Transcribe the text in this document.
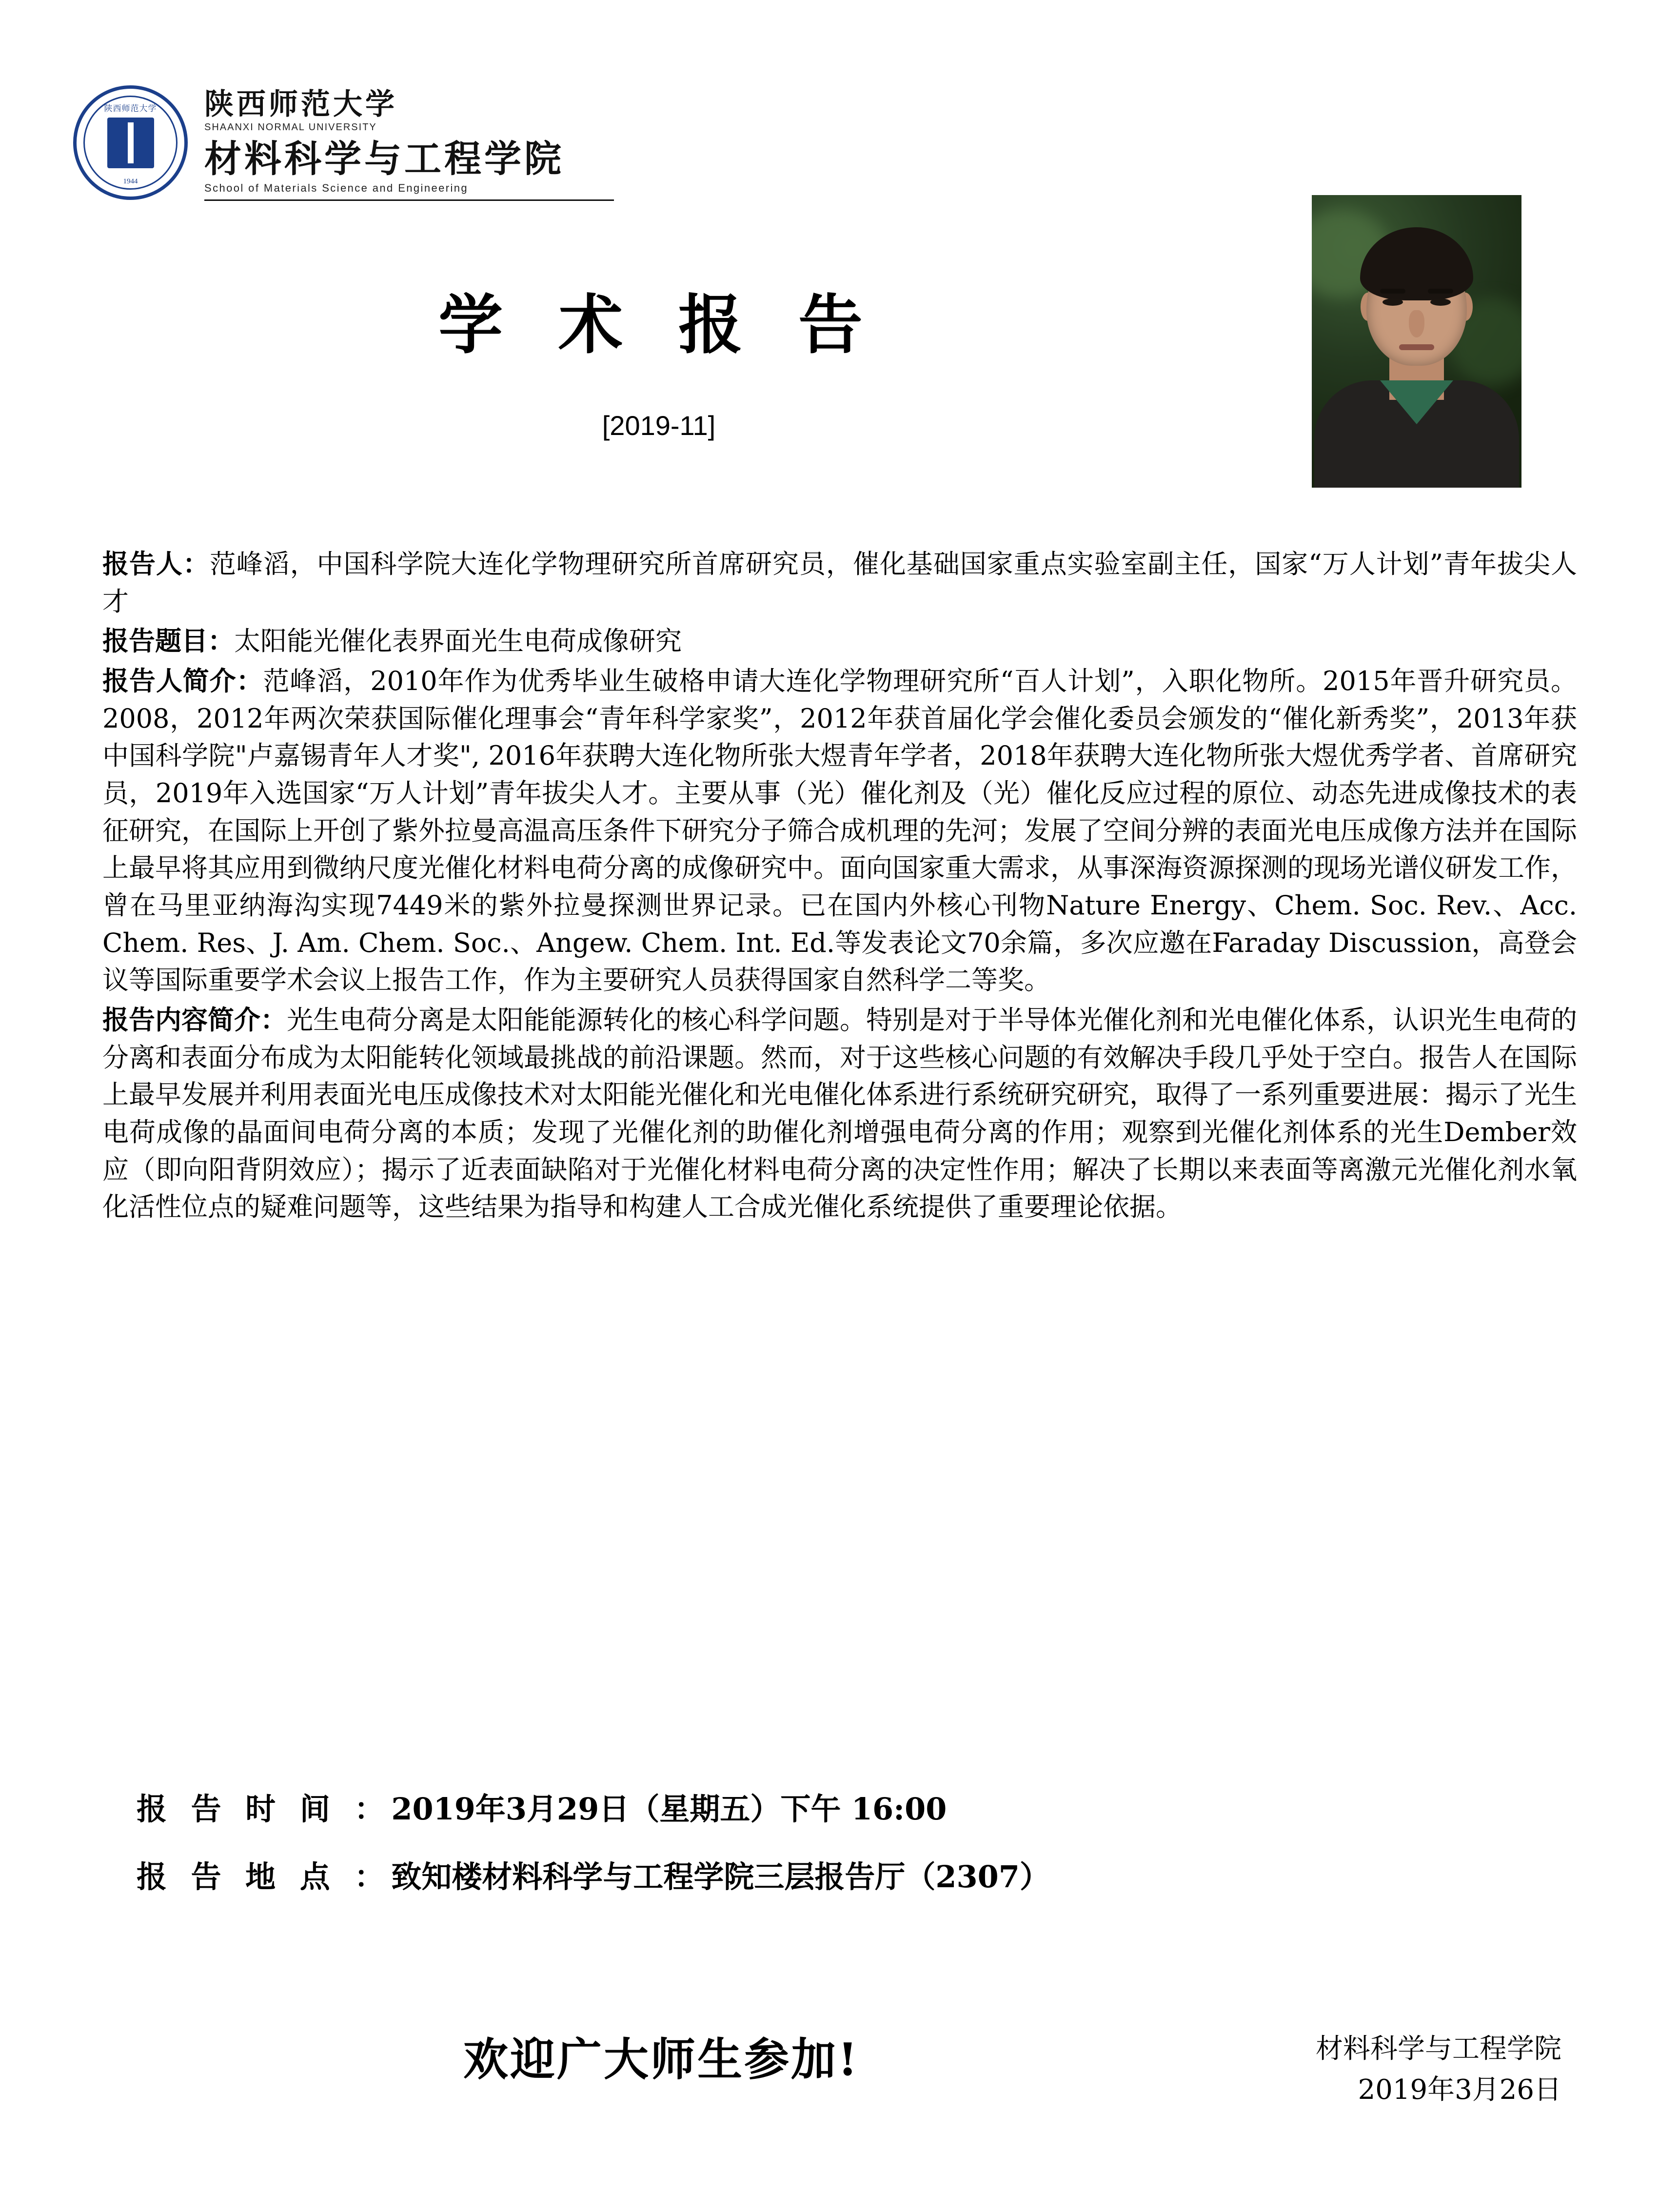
陕西师范大学
1944
陕西师范大学
SHAANXI NORMAL UNIVERSITY
材料科学与工程学院
School of Materials Science and Engineering
学 术 报 告
[2019-11]

报告人：范峰滔，中国科学院大连化学物理研究所首席研究员，催化基础国家重点实验室副主任，国家“万人计划”青年拔尖人才

报告题目：太阳能光催化表界面光生电荷成像研究

报告人简介：范峰滔，2010年作为优秀毕业生破格申请大连化学物理研究所“百人计划”，入职化物所。2015年晋升研究员。2008，2012年两次荣获国际催化理事会“青年科学家奖”，2012年获首届化学会催化委员会颁发的“催化新秀奖”，2013年获中国科学院"卢嘉锡青年人才奖", 2016年获聘大连化物所张大煜青年学者，2018年获聘大连化物所张大煜优秀学者、首席研究员，2019年入选国家“万人计划”青年拔尖人才。主要从事（光）催化剂及（光）催化反应过程的原位、动态先进成像技术的表征研究，在国际上开创了紫外拉曼高温高压条件下研究分子筛合成机理的先河；发展了空间分辨的表面光电压成像方法并在国际上最早将其应用到微纳尺度光催化材料电荷分离的成像研究中。面向国家重大需求，从事深海资源探测的现场光谱仪研发工作，曾在马里亚纳海沟实现7449米的紫外拉曼探测世界记录。已在国内外核心刊物Nature Energy、Chem. Soc. Rev.、Acc. Chem. Res、J. Am. Chem. Soc.、Angew. Chem. Int. Ed.等发表论文70余篇，多次应邀在Faraday Discussion，高登会议等国际重要学术会议上报告工作，作为主要研究人员获得国家自然科学二等奖。

报告内容简介：光生电荷分离是太阳能能源转化的核心科学问题。特别是对于半导体光催化剂和光电催化体系，认识光生电荷的分离和表面分布成为太阳能转化领域最挑战的前沿课题。然而，对于这些核心问题的有效解决手段几乎处于空白。报告人在国际上最早发展并利用表面光电压成像技术对太阳能光催化和光电催化体系进行系统研究研究，取得了一系列重要进展：揭示了光生电荷成像的晶面间电荷分离的本质；发现了光催化剂的助催化剂增强电荷分离的作用；观察到光催化剂体系的光生Dember效应（即向阳背阴效应）；揭示了近表面缺陷对于光催化材料电荷分离的决定性作用；解决了长期以来表面等离激元光催化剂水氧化活性位点的疑难问题等，这些结果为指导和构建人工合成光催化系统提供了重要理论依据。

报 告 时 间 ：2019年3月29日（星期五）下午 16:00
报 告 地 点 ：致知楼材料科学与工程学院三层报告厅（2307）
欢迎广大师生参加!	材料科学与工程学院
2019年3月26日
